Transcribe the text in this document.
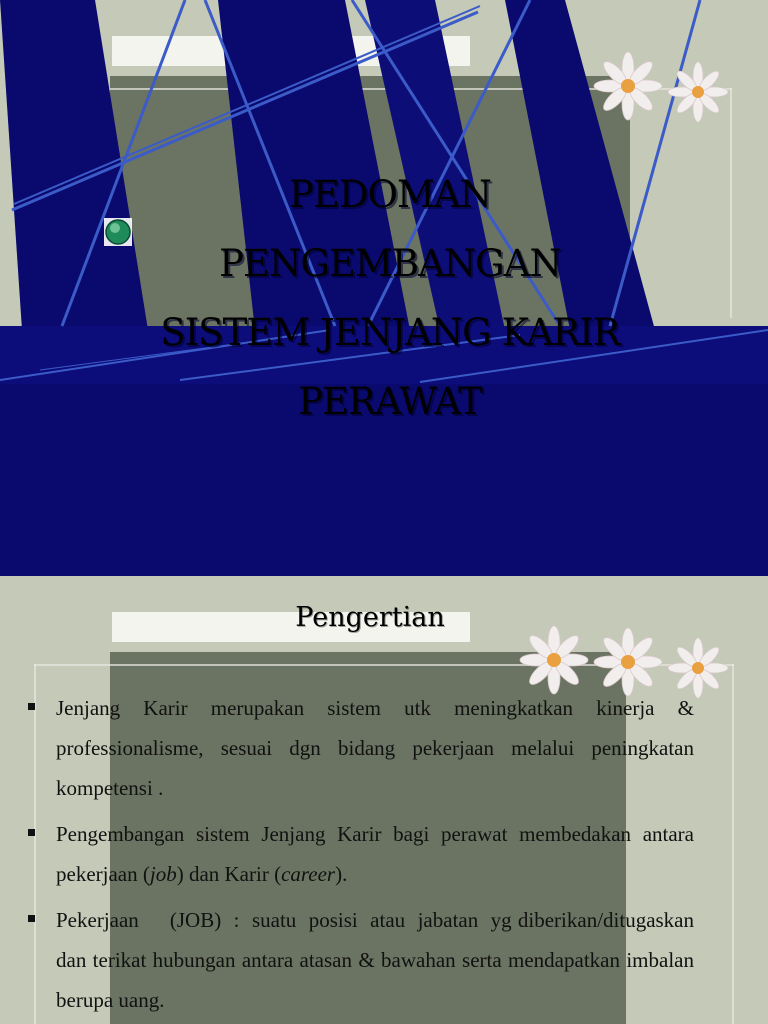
PEDOMAN
PENGEMBANGAN
SISTEM JENJANG KARIR
PERAWAT
Pengertian
Jenjang Karir merupakan sistem utk meningkatkan kinerja & professionalisme, sesuai dgn bidang pekerjaan melalui peningkatan kompetensi .
Pengembangan sistem Jenjang Karir bagi perawat membedakan antara pekerjaan (job) dan Karir (career).
Pekerjaan     (JOB)  :  suatu  posisi  atau  jabatan  yg diberikan/ditugaskan dan terikat hubungan antara atasan & bawahan serta mendapatkan imbalan berupa uang.
